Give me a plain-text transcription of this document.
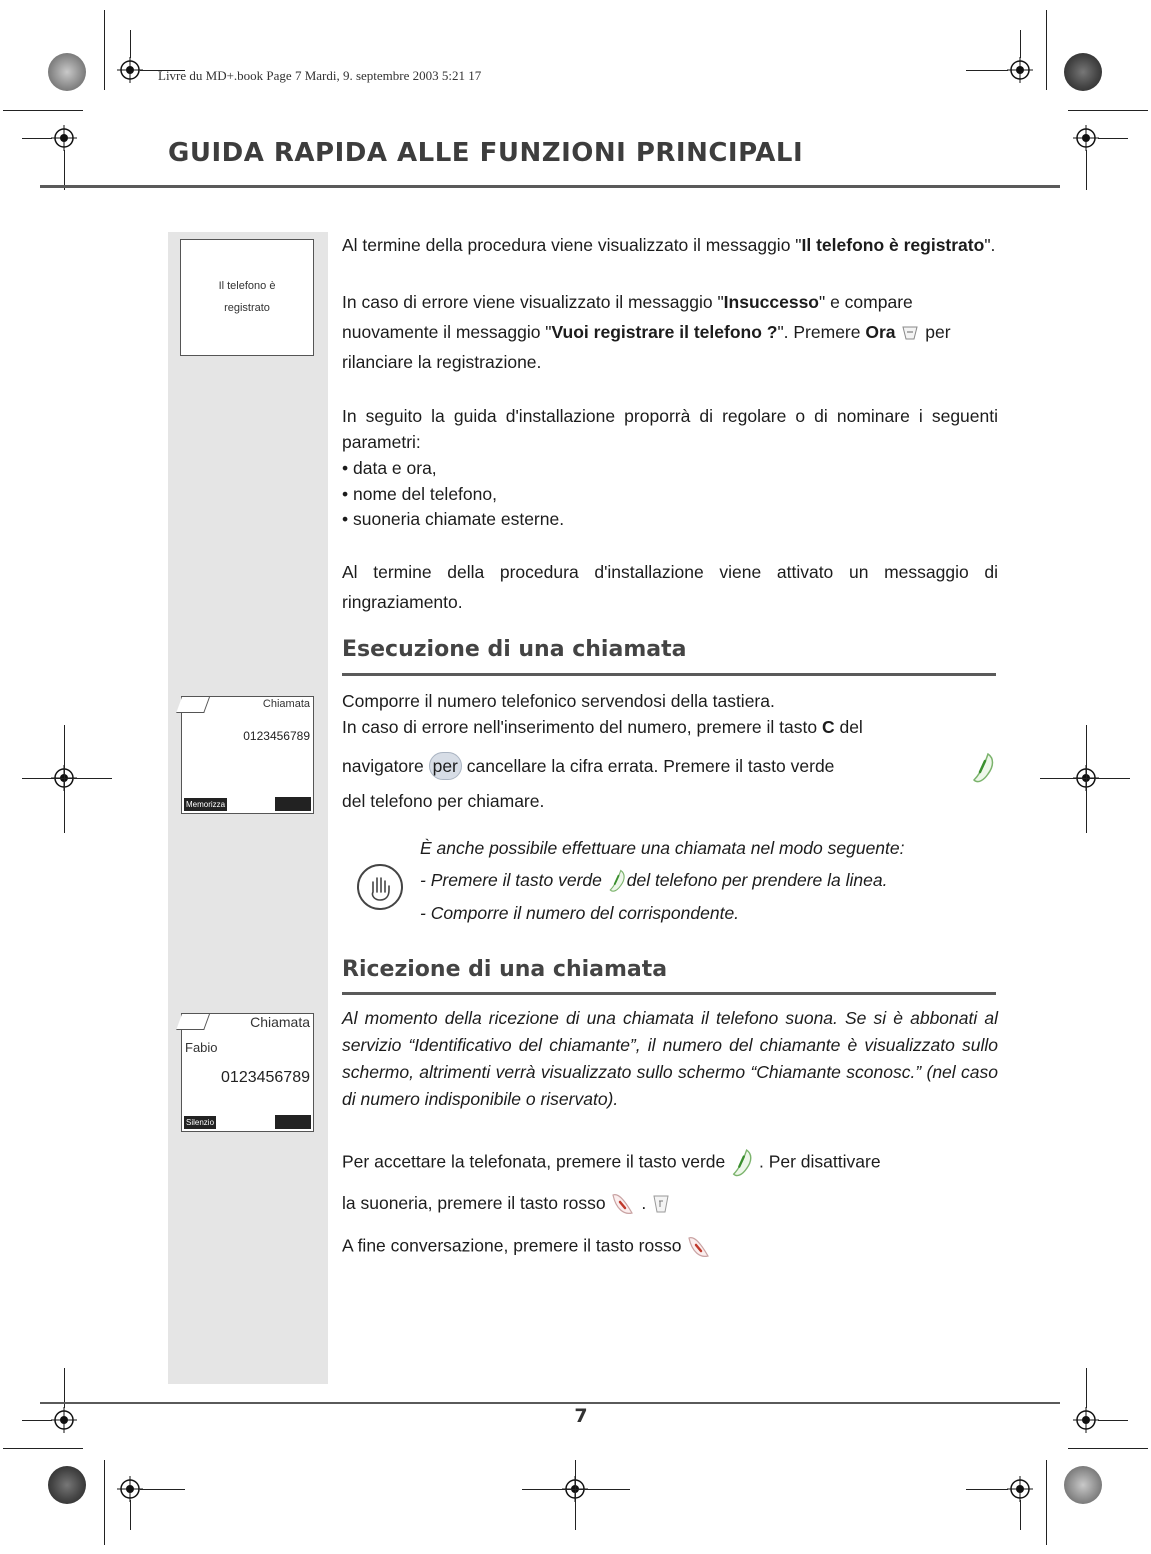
Livre du MD+.book Page 7 Mardi, 9. septembre 2003 5:21 17
GUIDA RAPIDA ALLE FUNZIONI PRINCIPALI
Il telefono è
registrato
Chiamata
0123456789
Memorizza
Chiamata
Fabio
0123456789
Silenzio
Al termine della procedura viene visualizzato il messaggio "Il telefono è registrato".
In caso di errore viene visualizzato il messaggio "Insuccesso" e compare nuovamente il messaggio "Vuoi registrare il telefono ?". Premere Ora
per rilanciare la registrazione.
In seguito la guida d'installazione proporrà di regolare o di nominare i seguenti parametri:
• data e ora,
• nome del telefono,
• suoneria chiamate esterne.
Al termine della procedura d'installazione viene attivato un messaggio di ringraziamento.
Esecuzione di una chiamata
Comporre il numero telefonico servendosi della tastiera.
In caso di errore nell'inserimento del numero, premere il tasto C del
navigatore per cancellare la cifra errata. Premere il tasto verde
del telefono per chiamare.
È anche possibile effettuare una chiamata nel modo seguente:
- Premere il tasto verde
del telefono per prendere la linea.
- Comporre il numero del corrispondente.
Ricezione di una chiamata
Al momento della ricezione di una chiamata il telefono suona. Se si è abbonati al servizio “Identificativo del chiamante”, il numero del chiamante è visualizzato sullo schermo, altrimenti verrà visualizzato sullo schermo “Chiamante sconosc.” (nel caso di numero indisponibile o riservato).
Per accettare la telefonata, premere il tasto verde
. Per disattivare
la suoneria, premere il tasto rosso
.
A fine conversazione, premere il tasto rosso
7
